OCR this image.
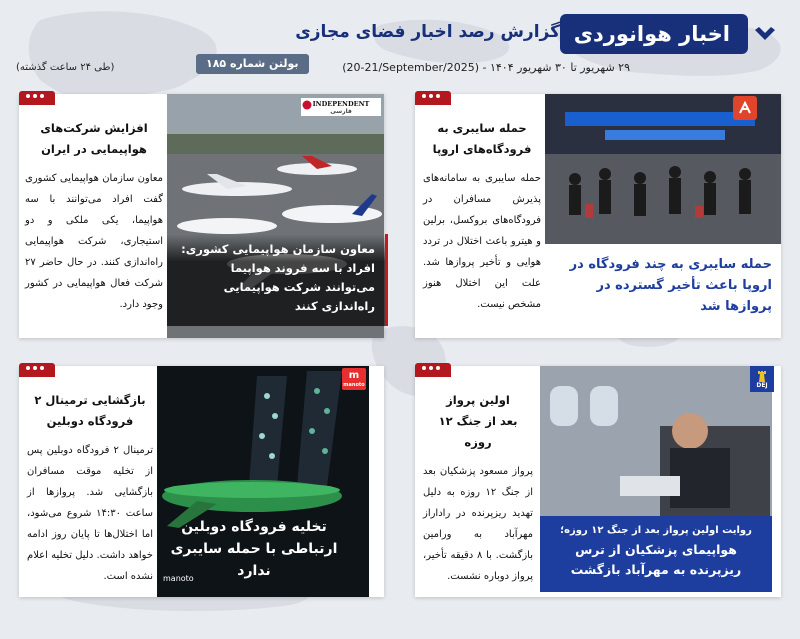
اخبار هوانوردی
گزارش رصد اخبار فضای مجازی
۲۹ شهریور تا ۳۰ شهریور ۱۴۰۴ - (20-21/September/2025)
بولتن شماره ۱۸۵
(طی ۲۴ ساعت گذشته)
افزایش شرکت‌های
هواپیمایی در ایران
معاون سازمان هواپیمایی کشوری گفت افراد می‌توانند با سه هواپیما، یکی ملکی و دو استیجاری، شرکت هواپیمایی راه‌اندازی کنند. در حال حاضر ۲۷ شرکت فعال هواپیمایی در کشور وجود دارد.
INDEPENDENT
فارسی
معاون سازمان هواپیمایی کشوری: افراد با سه فروند هواپیما می‌توانند شرکت هواپیمایی راه‌اندازی کنند
حمله سایبری به
فرودگاه‌های اروپا
حمله سایبری به سامانه‌های پذیرش مسافران در فرودگاه‌های بروکسل، برلین و هیترو باعث اختلال در تردد هوایی و تأخیر پروازها شد. علت این اختلال هنوز مشخص نیست.
حمله سایبری به چند فرودگاه در اروپا باعث تأخیر گسترده در پروازها شد
بازگشایی ترمینال ۲
فرودگاه دوبلین
ترمینال ۲ فرودگاه دوبلین پس از تخلیه موقت مسافران بازگشایی شد. پروازها از ساعت ۱۴:۳۰ شروع می‌شود، اما اختلال‌ها تا پایان روز ادامه خواهد داشت. دلیل تخلیه اعلام نشده است.
m
manoto
تخلیه فرودگاه دوبلین ارتباطی با حمله سایبری ندارد
manoto
اولین پرواز
بعد از جنگ ۱۲ روزه
پرواز مسعود پزشکیان بعد از جنگ ۱۲ روزه به دلیل تهدید ریزپرنده در راداراز مهرآباد به ورامین بازگشت. با ۸ دقیقه تأخیر، پرواز دوباره نشست.
DEJ
روایت اولین پرواز بعد از جنگ ۱۲ روزه؛
هواپیمای پزشکیان از ترس ریزپرنده به مهرآباد بازگشت
